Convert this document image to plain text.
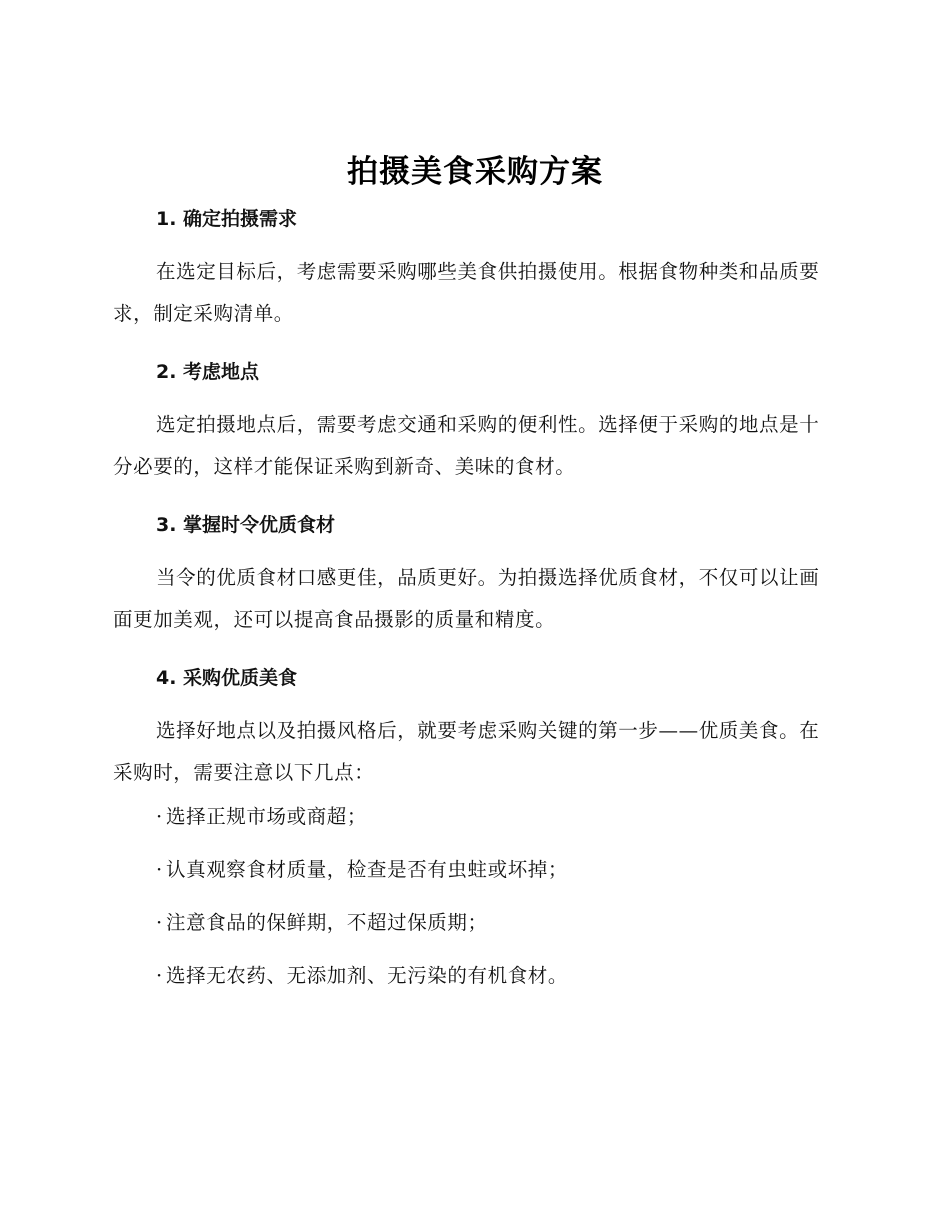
拍摄美食采购方案
1. 确定拍摄需求

在选定目标后，考虑需要采购哪些美食供拍摄使用。根据食物种类和品质要求，制定采购清单。

2. 考虑地点

选定拍摄地点后，需要考虑交通和采购的便利性。选择便于采购的地点是十分必要的，这样才能保证采购到新奇、美味的食材。

3. 掌握时令优质食材

当令的优质食材口感更佳，品质更好。为拍摄选择优质食材，不仅可以让画面更加美观，还可以提高食品摄影的质量和精度。

4. 采购优质美食

选择好地点以及拍摄风格后，就要考虑采购关键的第一步——优质美食。在采购时，需要注意以下几点：

· 选择正规市场或商超；
· 认真观察食材质量，检查是否有虫蛀或坏掉；
· 注意食品的保鲜期，不超过保质期；
· 选择无农药、无添加剂、无污染的有机食材。
